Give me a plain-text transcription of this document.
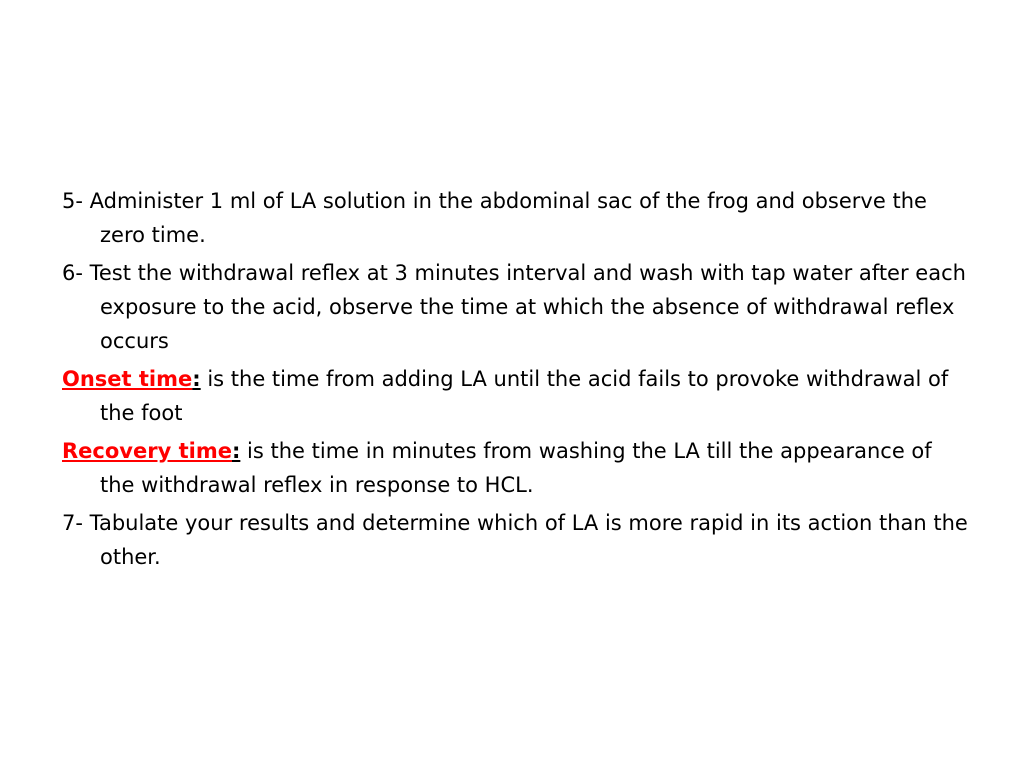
5- Administer 1 ml of LA solution in the abdominal sac of the frog and observe the zero time.

6- Test the withdrawal reflex at 3 minutes interval and wash with tap water after each exposure to the acid, observe the time at which the absence of withdrawal reflex occurs

Onset time: is the time from adding LA until the acid fails to provoke withdrawal of the foot

Recovery time: is the time in minutes from washing the LA till the appearance of the withdrawal reflex in response to HCL.

7- Tabulate your results and determine which of LA is more rapid in its action than the other.
